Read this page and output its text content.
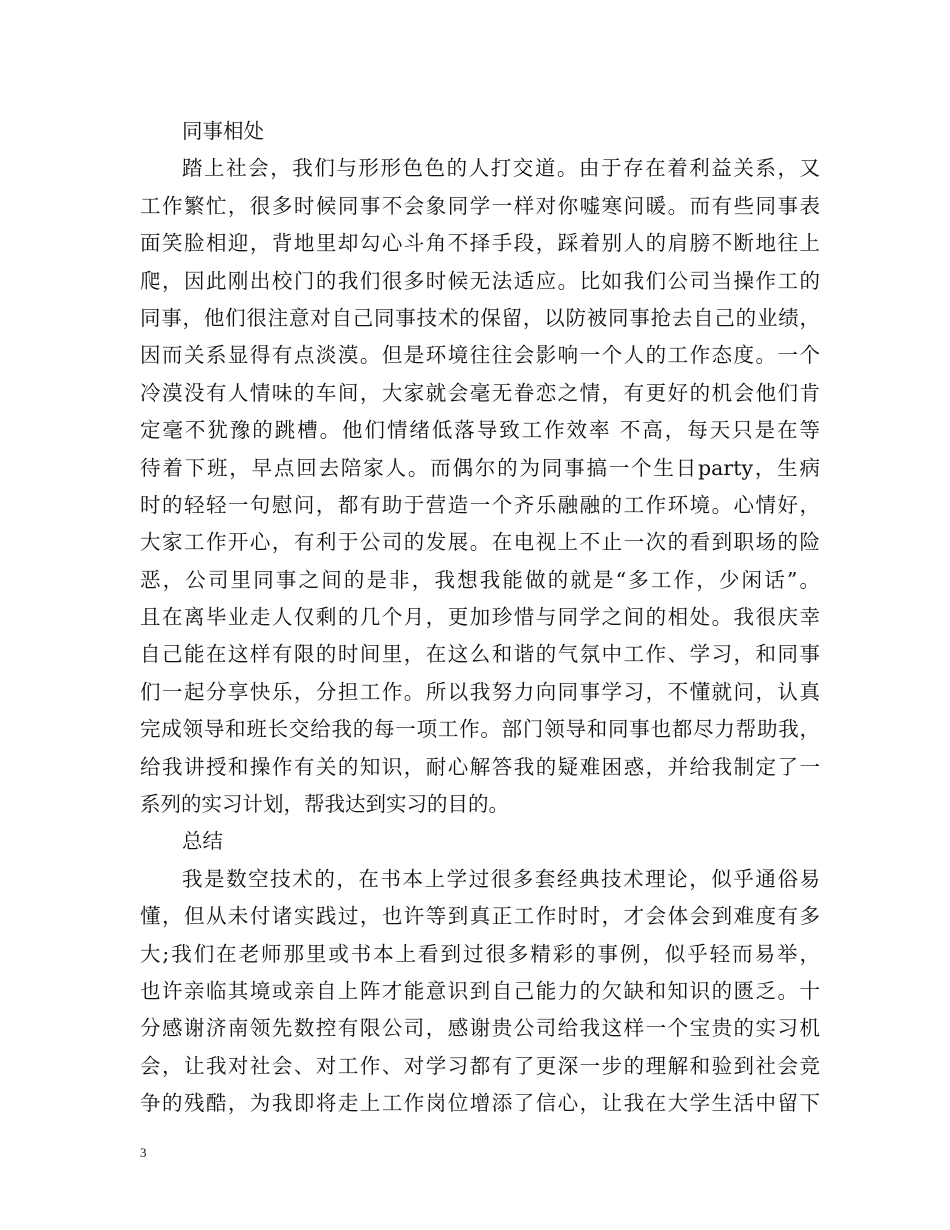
同事相处
踏上社会，我们与形形色色的人打交道。由于存在着利益关系，又
工作繁忙，很多时候同事不会象同学一样对你嘘寒问暖。而有些同事表
面笑脸相迎，背地里却勾心斗角不择手段，踩着别人的肩膀不断地往上
爬，因此刚出校门的我们很多时候无法适应。比如我们公司当操作工的
同事，他们很注意对自己同事技术的保留，以防被同事抢去自己的业绩，
因而关系显得有点淡漠。但是环境往往会影响一个人的工作态度。一个
冷漠没有人情味的车间，大家就会毫无眷恋之情，有更好的机会他们肯
定毫不犹豫的跳槽。他们情绪低落导致工作效率 不高，每天只是在等
待着下班，早点回去陪家人。而偶尔的为同事搞一个生日party，生病
时的轻轻一句慰问，都有助于营造一个齐乐融融的工作环境。心情好，
大家工作开心，有利于公司的发展。在电视上不止一次的看到职场的险
恶，公司里同事之间的是非，我想我能做的就是“多工作，少闲话”。
且在离毕业走人仅剩的几个月，更加珍惜与同学之间的相处。我很庆幸
自己能在这样有限的时间里，在这么和谐的气氛中工作、学习，和同事
们一起分享快乐，分担工作。所以我努力向同事学习，不懂就问，认真
完成领导和班长交给我的每一项工作。部门领导和同事也都尽力帮助我，
给我讲授和操作有关的知识，耐心解答我的疑难困惑，并给我制定了一
系列的实习计划，帮我达到实习的目的。
总结
我是数空技术的，在书本上学过很多套经典技术理论，似乎通俗易
懂，但从未付诸实践过，也许等到真正工作时时，才会体会到难度有多
大;我们在老师那里或书本上看到过很多精彩的事例，似乎轻而易举，
也许亲临其境或亲自上阵才能意识到自己能力的欠缺和知识的匮乏。十
分感谢济南领先数控有限公司，感谢贵公司给我这样一个宝贵的实习机
会，让我对社会、对工作、对学习都有了更深一步的理解和验到社会竞
争的残酷，为我即将走上工作岗位增添了信心，让我在大学生活中留下
3
